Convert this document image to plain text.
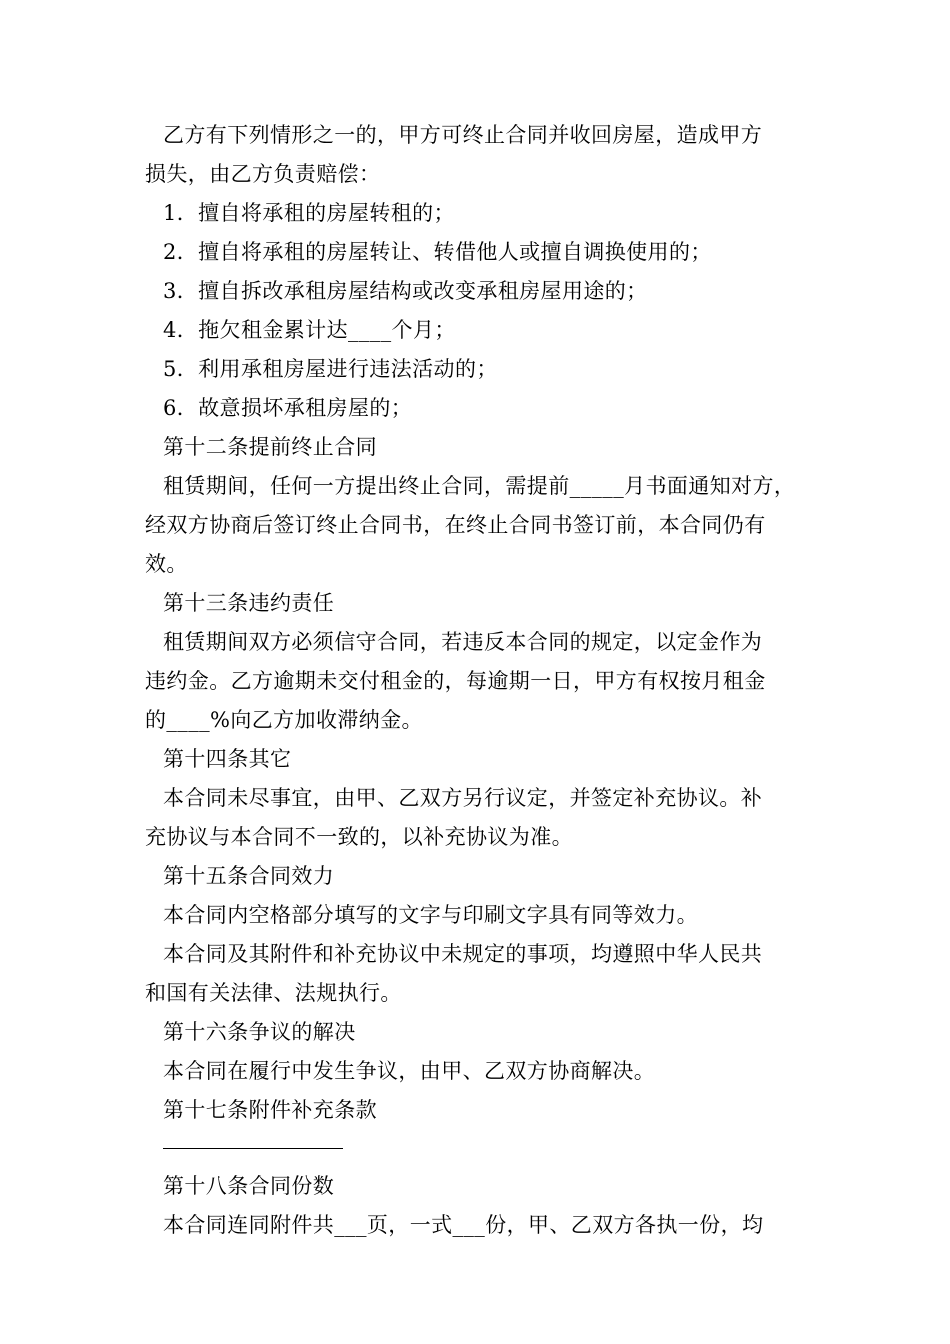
乙方有下列情形之一的，甲方可终止合同并收回房屋，造成甲方
损失，由乙方负责赔偿：
1．擅自将承租的房屋转租的；
2．擅自将承租的房屋转让、转借他人或擅自调换使用的；
3．擅自拆改承租房屋结构或改变承租房屋用途的；
4．拖欠租金累计达____个月；
5．利用承租房屋进行违法活动的；
6．故意损坏承租房屋的；
第十二条提前终止合同
租赁期间，任何一方提出终止合同，需提前_____月书面通知对方，
经双方协商后签订终止合同书，在终止合同书签订前，本合同仍有
效。
第十三条违约责任
租赁期间双方必须信守合同，若违反本合同的规定，以定金作为
违约金。乙方逾期未交付租金的，每逾期一日，甲方有权按月租金
的____%向乙方加收滞纳金。
第十四条其它
本合同未尽事宜，由甲、乙双方另行议定，并签定补充协议。补
充协议与本合同不一致的，以补充协议为准。
第十五条合同效力
本合同内空格部分填写的文字与印刷文字具有同等效力。
本合同及其附件和补充协议中未规定的事项，均遵照中华人民共
和国有关法律、法规执行。
第十六条争议的解决
本合同在履行中发生争议，由甲、乙双方协商解决。
第十七条附件补充条款
第十八条合同份数
本合同连同附件共___页，一式___份，甲、乙双方各执一份，均
